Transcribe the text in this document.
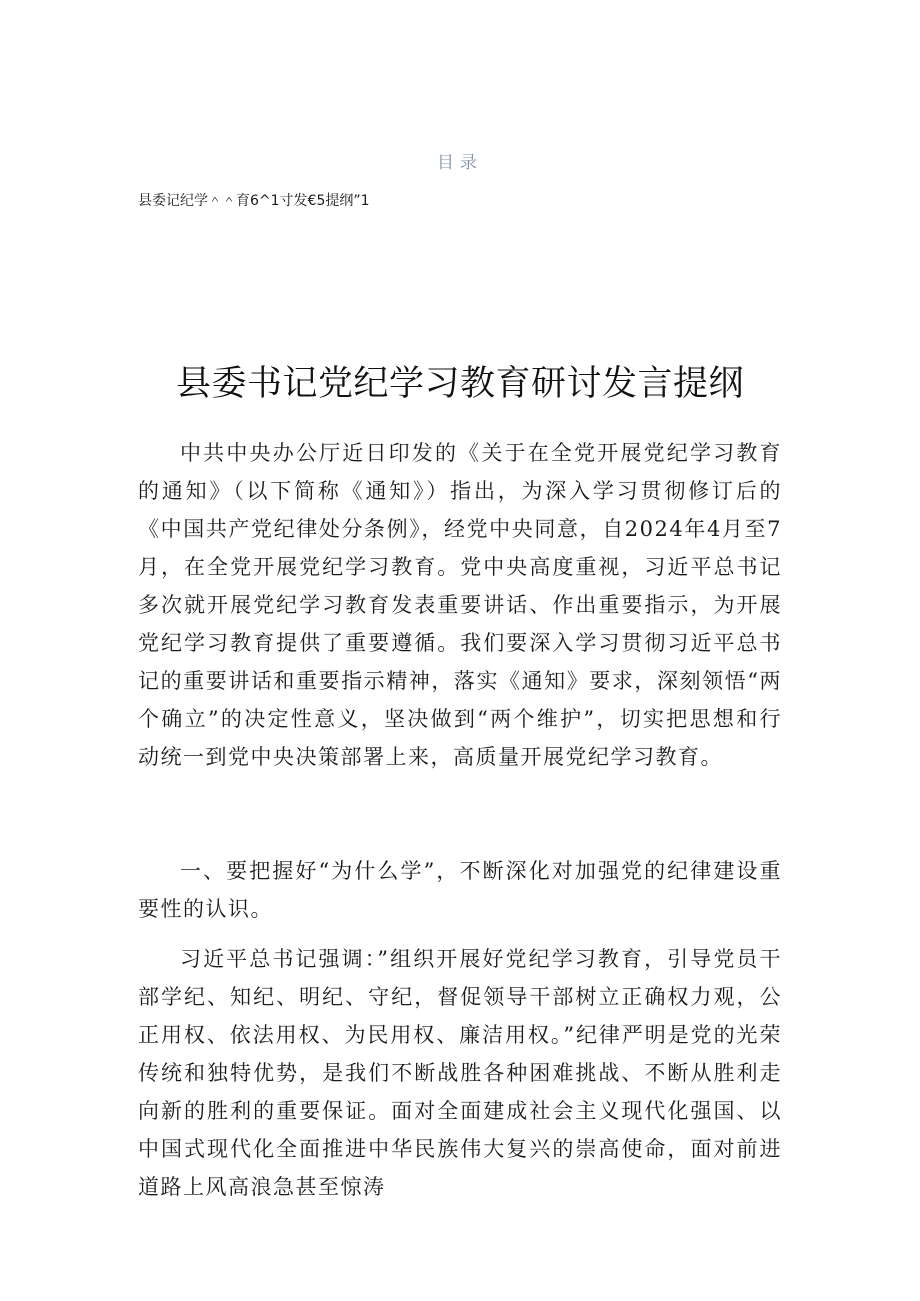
目录
县委记纪学＾＾育6^1寸发€5提纲”1
县委书记党纪学习教育研讨发言提纲

中共中央办公厅近日印发的《关于在全党开展党纪学习教育的通知》（以下简称《通知》）指出，为深入学习贯彻修订后的《中国共产党纪律处分条例》，经党中央同意，自2024年4月至7月，在全党开展党纪学习教育。党中央高度重视，习近平总书记多次就开展党纪学习教育发表重要讲话、作出重要指示，为开展党纪学习教育提供了重要遵循。我们要深入学习贯彻习近平总书记的重要讲话和重要指示精神，落实《通知》要求，深刻领悟“两个确立”的决定性意义，坚决做到“两个维护”，切实把思想和行动统一到党中央决策部署上来，高质量开展党纪学习教育。

一、要把握好“为什么学”，不断深化对加强党的纪律建设重要性的认识。

习近平总书记强调：”组织开展好党纪学习教育，引导党员干部学纪、知纪、明纪、守纪，督促领导干部树立正确权力观，公正用权、依法用权、为民用权、廉洁用权。”纪律严明是党的光荣传统和独特优势，是我们不断战胜各种困难挑战、不断从胜利走向新的胜利的重要保证。面对全面建成社会主义现代化强国、以中国式现代化全面推进中华民族伟大复兴的崇高使命，面对前进道路上风高浪急甚至惊涛
